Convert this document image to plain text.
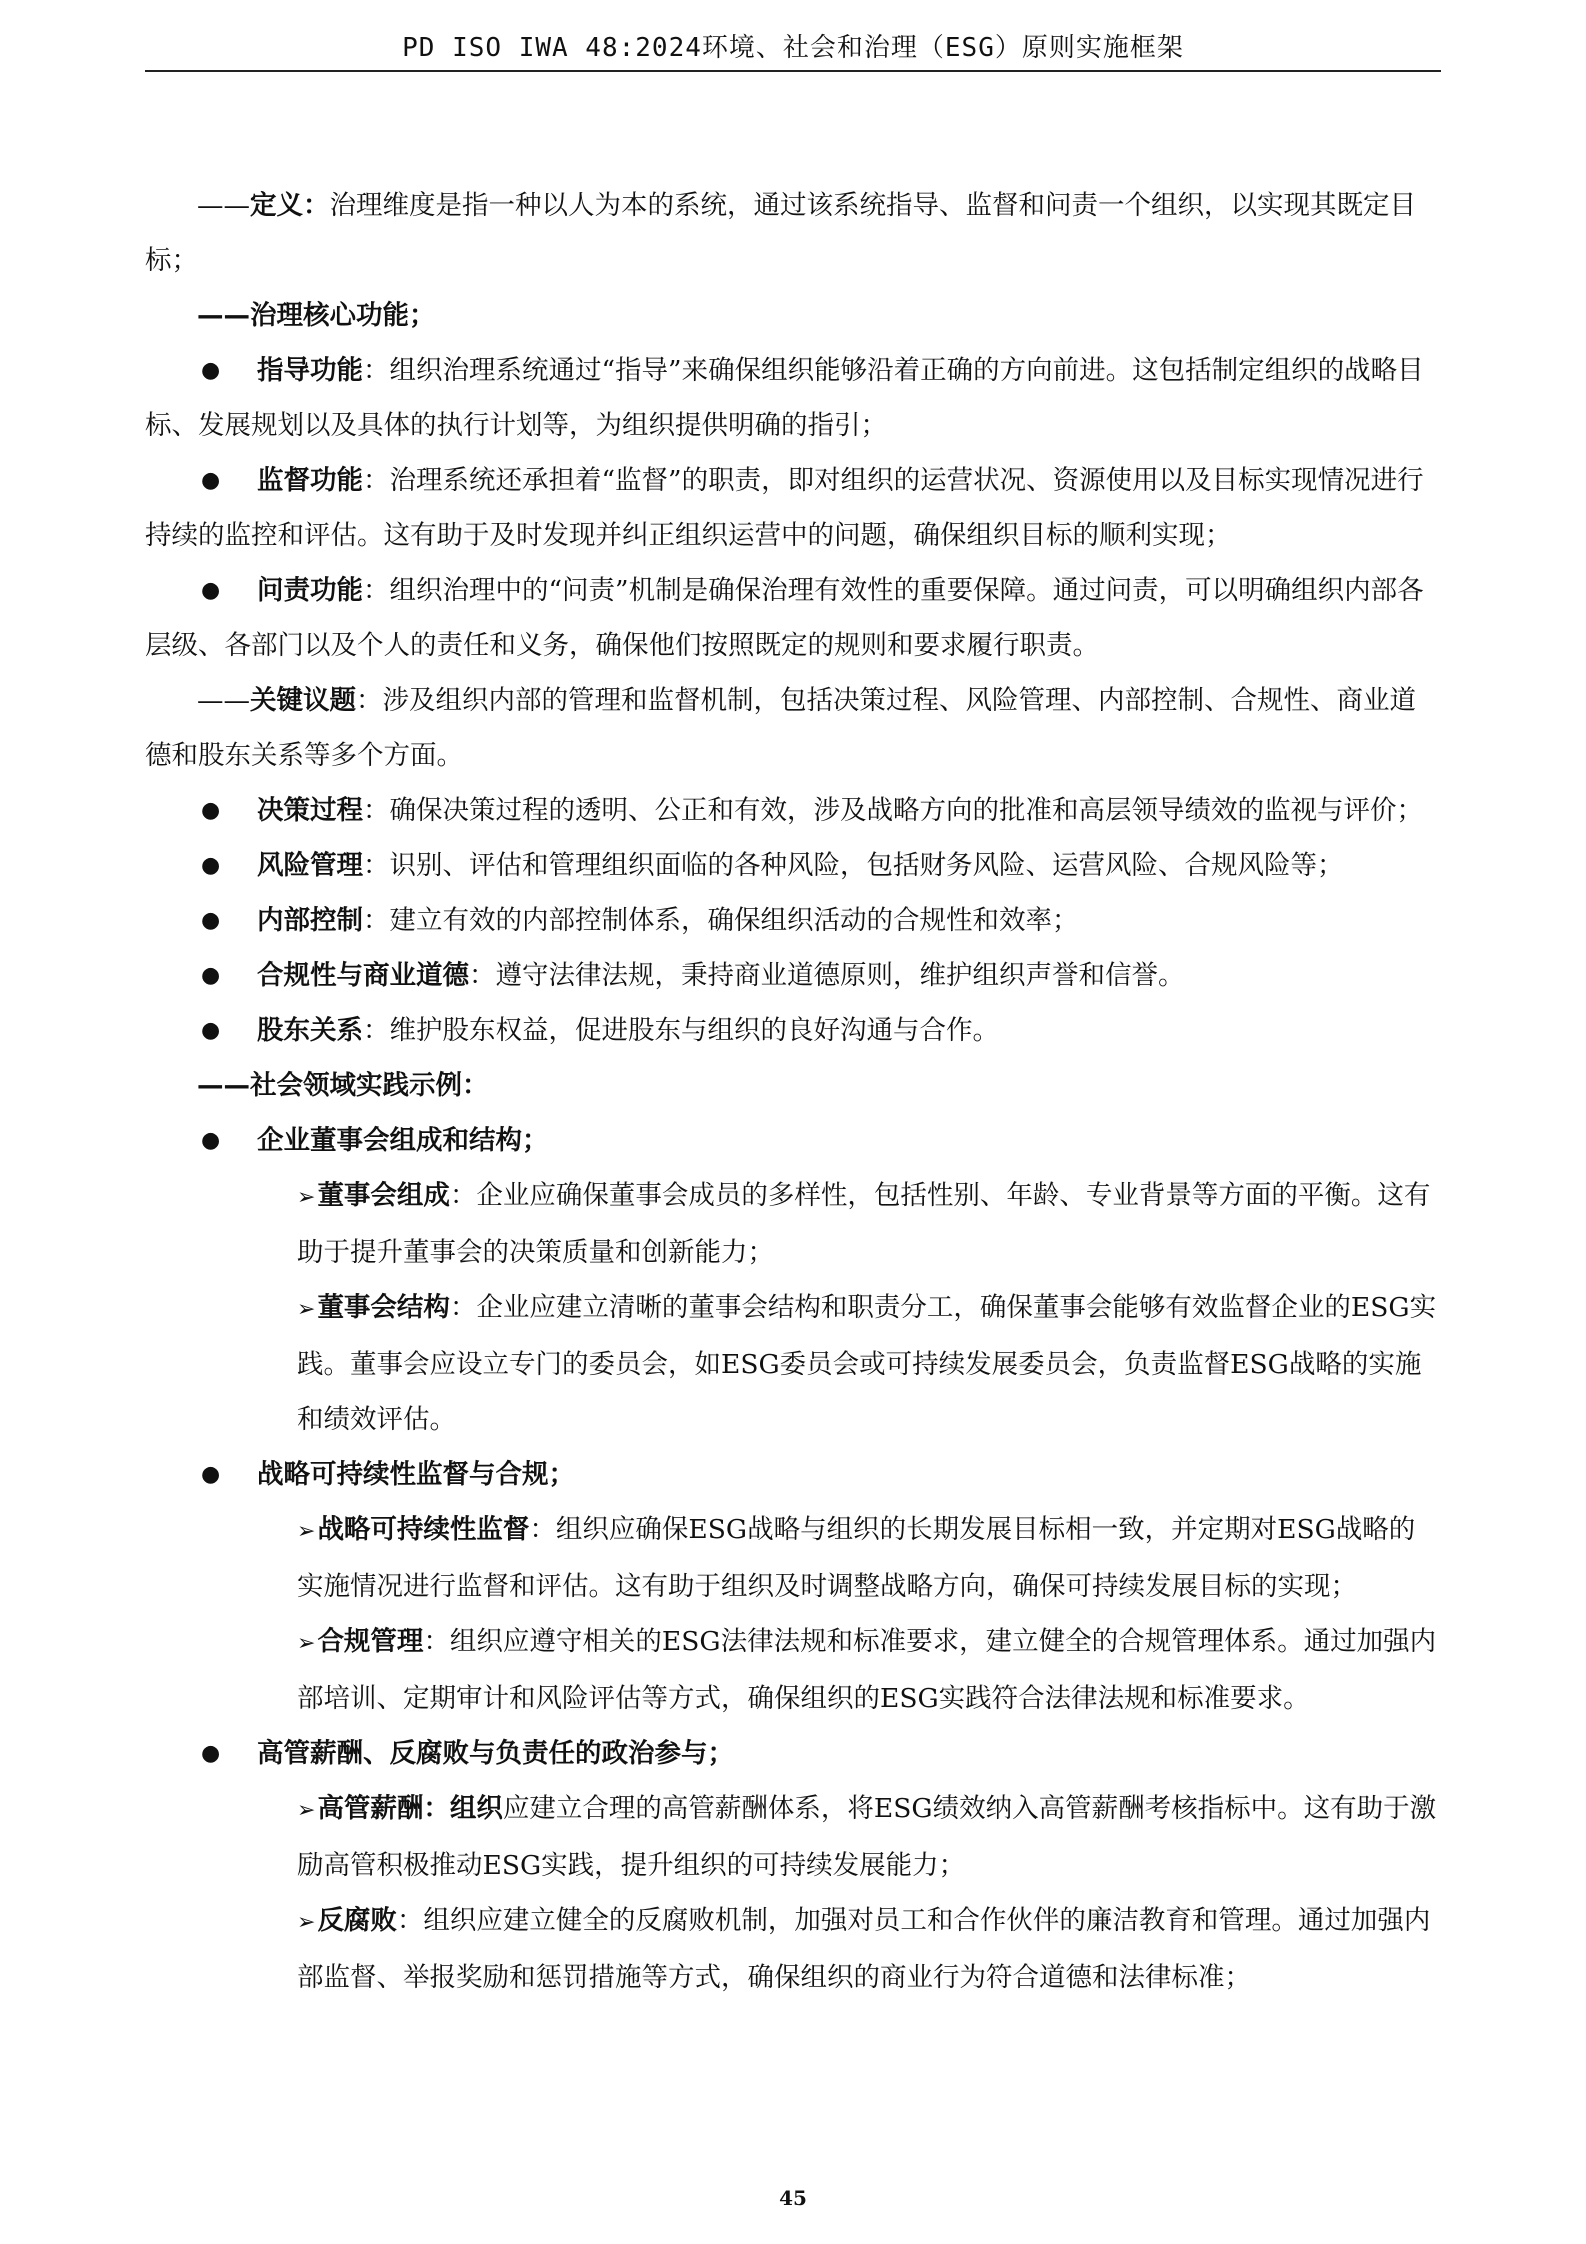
PD ISO IWA 48:2024环境、社会和治理（ESG）原则实施框架

——定义：治理维度是指一种以人为本的系统，通过该系统指导、监督和问责一个组织，以实现其既定目标；

——治理核心功能；

● 指导功能：组织治理系统通过“指导”来确保组织能够沿着正确的方向前进。这包括制定组织的战略目标、发展规划以及具体的执行计划等，为组织提供明确的指引；

● 监督功能：治理系统还承担着“监督”的职责，即对组织的运营状况、资源使用以及目标实现情况进行持续的监控和评估。这有助于及时发现并纠正组织运营中的问题，确保组织目标的顺利实现；

● 问责功能：组织治理中的“问责”机制是确保治理有效性的重要保障。通过问责，可以明确组织内部各层级、各部门以及个人的责任和义务，确保他们按照既定的规则和要求履行职责。

——关键议题：涉及组织内部的管理和监督机制，包括决策过程、风险管理、内部控制、合规性、商业道德和股东关系等多个方面。

● 决策过程：确保决策过程的透明、公正和有效，涉及战略方向的批准和高层领导绩效的监视与评价；

● 风险管理：识别、评估和管理组织面临的各种风险，包括财务风险、运营风险、合规风险等；

● 内部控制：建立有效的内部控制体系，确保组织活动的合规性和效率；

● 合规性与商业道德：遵守法律法规，秉持商业道德原则，维护组织声誉和信誉。

● 股东关系：维护股东权益，促进股东与组织的良好沟通与合作。

——社会领域实践示例：

● 企业董事会组成和结构；

➢董事会组成：企业应确保董事会成员的多样性，包括性别、年龄、专业背景等方面的平衡。这有助于提升董事会的决策质量和创新能力；

➢董事会结构：企业应建立清晰的董事会结构和职责分工，确保董事会能够有效监督企业的ESG实践。董事会应设立专门的委员会，如ESG委员会或可持续发展委员会，负责监督ESG战略的实施和绩效评估。

● 战略可持续性监督与合规；

➢战略可持续性监督：组织应确保ESG战略与组织的长期发展目标相一致，并定期对ESG战略的实施情况进行监督和评估。这有助于组织及时调整战略方向，确保可持续发展目标的实现；

➢合规管理：组织应遵守相关的ESG法律法规和标准要求，建立健全的合规管理体系。通过加强内部培训、定期审计和风险评估等方式，确保组织的ESG实践符合法律法规和标准要求。

● 高管薪酬、反腐败与负责任的政治参与；

➢高管薪酬：组织应建立合理的高管薪酬体系，将ESG绩效纳入高管薪酬考核指标中。这有助于激励高管积极推动ESG实践，提升组织的可持续发展能力；

➢反腐败：组织应建立健全的反腐败机制，加强对员工和合作伙伴的廉洁教育和管理。通过加强内部监督、举报奖励和惩罚措施等方式，确保组织的商业行为符合道德和法律标准；

45
